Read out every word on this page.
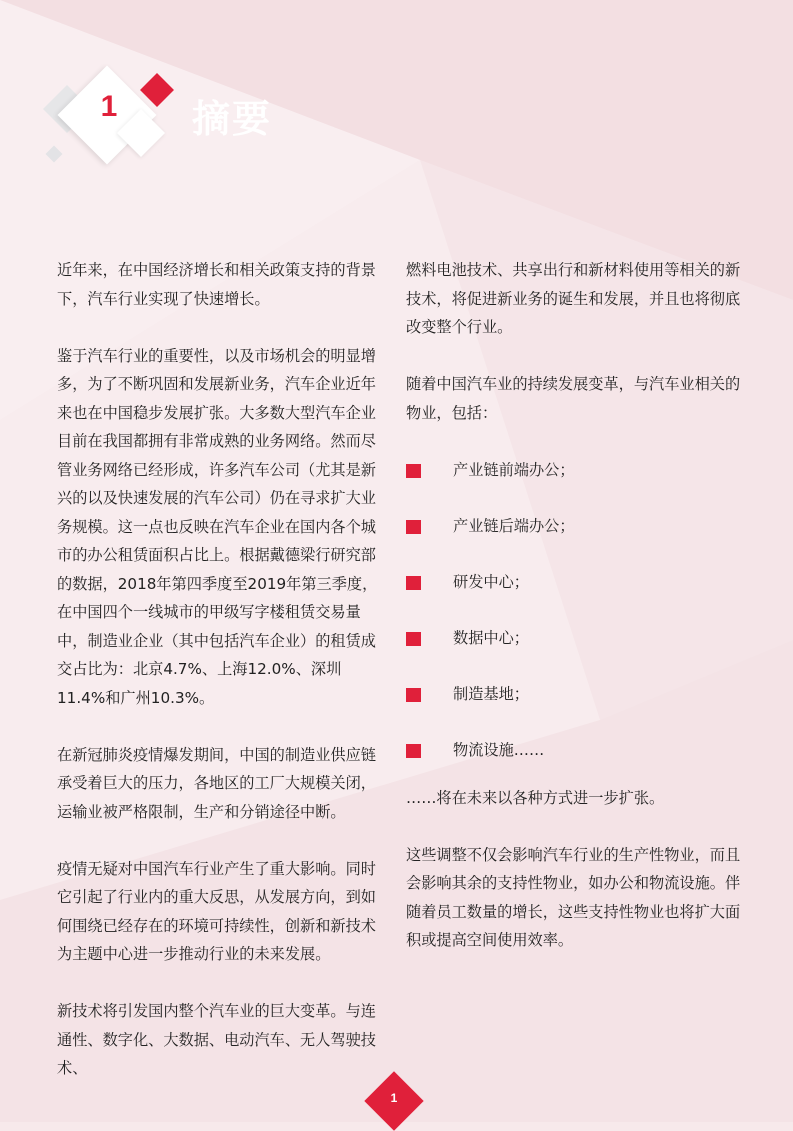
1	摘要

近年来，在中国经济增长和相关政策支持的背景下，汽车行业实现了快速增长。

鉴于汽车行业的重要性，以及市场机会的明显增多，为了不断巩固和发展新业务，汽车企业近年来也在中国稳步发展扩张。大多数大型汽车企业目前在我国都拥有非常成熟的业务网络。然而尽管业务网络已经形成，许多汽车公司（尤其是新兴的以及快速发展的汽车公司）仍在寻求扩大业务规模。这一点也反映在汽车企业在国内各个城市的办公租赁面积占比上。根据戴德梁行研究部的数据，2018年第四季度至2019年第三季度，在中国四个一线城市的甲级写字楼租赁交易量中，制造业企业（其中包括汽车企业）的租赁成交占比为：北京4.7%、上海12.0%、深圳11.4%和广州10.3%。

在新冠肺炎疫情爆发期间，中国的制造业供应链承受着巨大的压力，各地区的工厂大规模关闭，运输业被严格限制，生产和分销途径中断。

疫情无疑对中国汽车行业产生了重大影响。同时它引起了行业内的重大反思，从发展方向，到如何围绕已经存在的环境可持续性，创新和新技术为主题中心进一步推动行业的未来发展。

新技术将引发国内整个汽车业的巨大变革。与连通性、数字化、大数据、电动汽车、无人驾驶技术、

燃料电池技术、共享出行和新材料使用等相关的新技术，将促进新业务的诞生和发展，并且也将彻底改变整个行业。

随着中国汽车业的持续发展变革，与汽车业相关的物业，包括：

产业链前端办公；
产业链后端办公；
研发中心；
数据中心；
制造基地；
物流设施……

……将在未来以各种方式进一步扩张。

这些调整不仅会影响汽车行业的生产性物业，而且会影响其余的支持性物业，如办公和物流设施。伴随着员工数量的增长，这些支持性物业也将扩大面积或提高空间使用效率。

1
